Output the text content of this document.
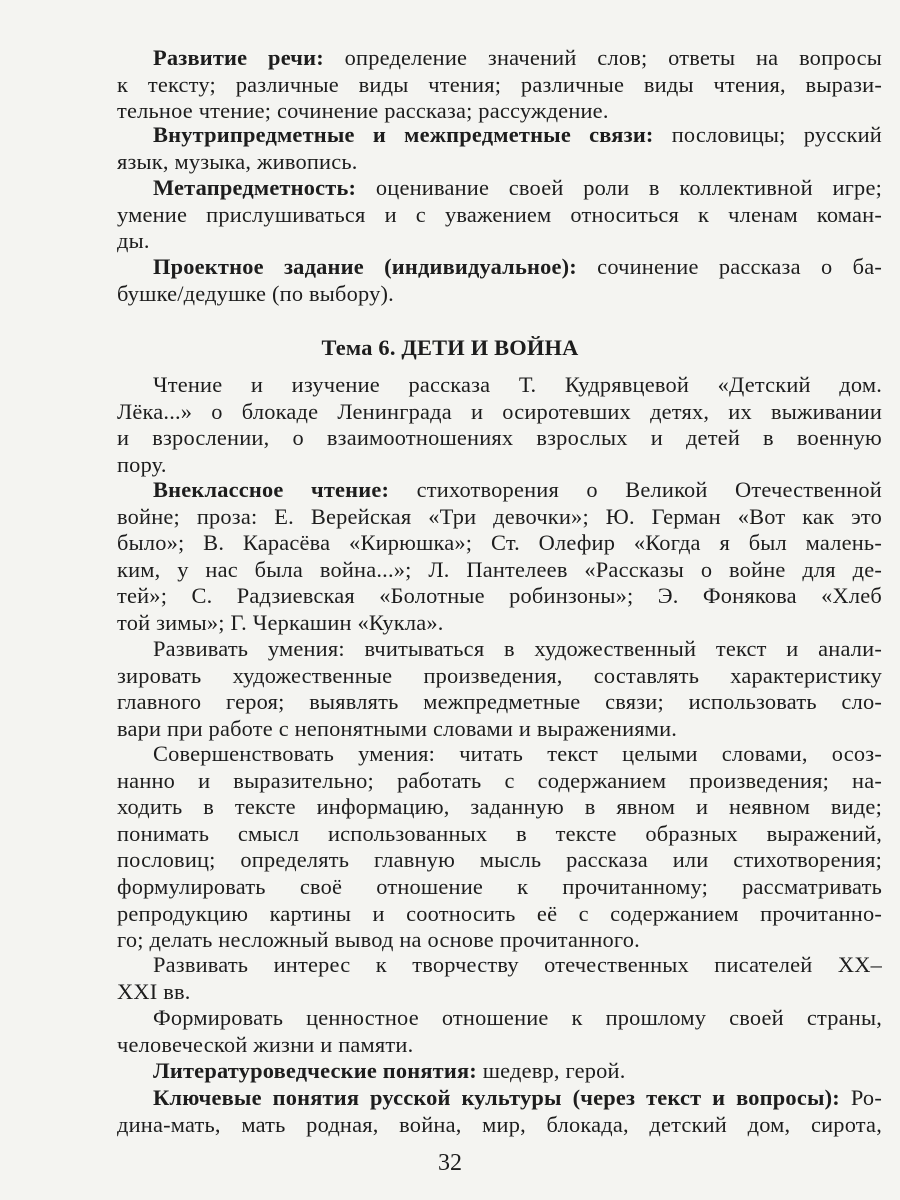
Развитие речи: определение значений слов; ответы на вопросы
к тексту; различные виды чтения; различные виды чтения, вырази-
тельное чтение; сочинение рассказа; рассуждение.
Внутрипредметные и межпредметные связи: пословицы; русский
язык, музыка, живопись.
Метапредметность: оценивание своей роли в коллективной игре;
умение прислушиваться и с уважением относиться к членам коман-
ды.
Проектное задание (индивидуальное): сочинение рассказа о ба-
бушке/дедушке (по выбору).
Тема 6. ДЕТИ И ВОЙНА
Чтение и изучение рассказа Т. Кудрявцевой «Детский дом.
Лёка...» о блокаде Ленинграда и осиротевших детях, их выживании
и взрослении, о взаимоотношениях взрослых и детей в военную
пору.
Внеклассное чтение: стихотворения о Великой Отечественной
войне; проза: Е. Верейская «Три девочки»; Ю. Герман «Вот как это
было»; В. Карасёва «Кирюшка»; Ст. Олефир «Когда я был малень-
ким, у нас была война...»; Л. Пантелеев «Рассказы о войне для де-
тей»; С. Радзиевская «Болотные робинзоны»; Э. Фонякова «Хлеб
той зимы»; Г. Черкашин «Кукла».
Развивать умения: вчитываться в художественный текст и анали-
зировать художественные произведения, составлять характеристику
главного героя; выявлять межпредметные связи; использовать сло-
вари при работе с непонятными словами и выражениями.
Совершенствовать умения: читать текст целыми словами, осоз-
нанно и выразительно; работать с содержанием произведения; на-
ходить в тексте информацию, заданную в явном и неявном виде;
понимать смысл использованных в тексте образных выражений,
пословиц; определять главную мысль рассказа или стихотворения;
формулировать своё отношение к прочитанному; рассматривать
репродукцию картины и соотносить её с содержанием прочитанно-
го; делать несложный вывод на основе прочитанного.
Развивать интерес к творчеству отечественных писателей XX–
XXI вв.
Формировать ценностное отношение к прошлому своей страны,
человеческой жизни и памяти.
Литературоведческие понятия: шедевр, герой.
Ключевые понятия русской культуры (через текст и вопросы): Ро-
дина-мать, мать родная, война, мир, блокада, детский дом, сирота,
32
